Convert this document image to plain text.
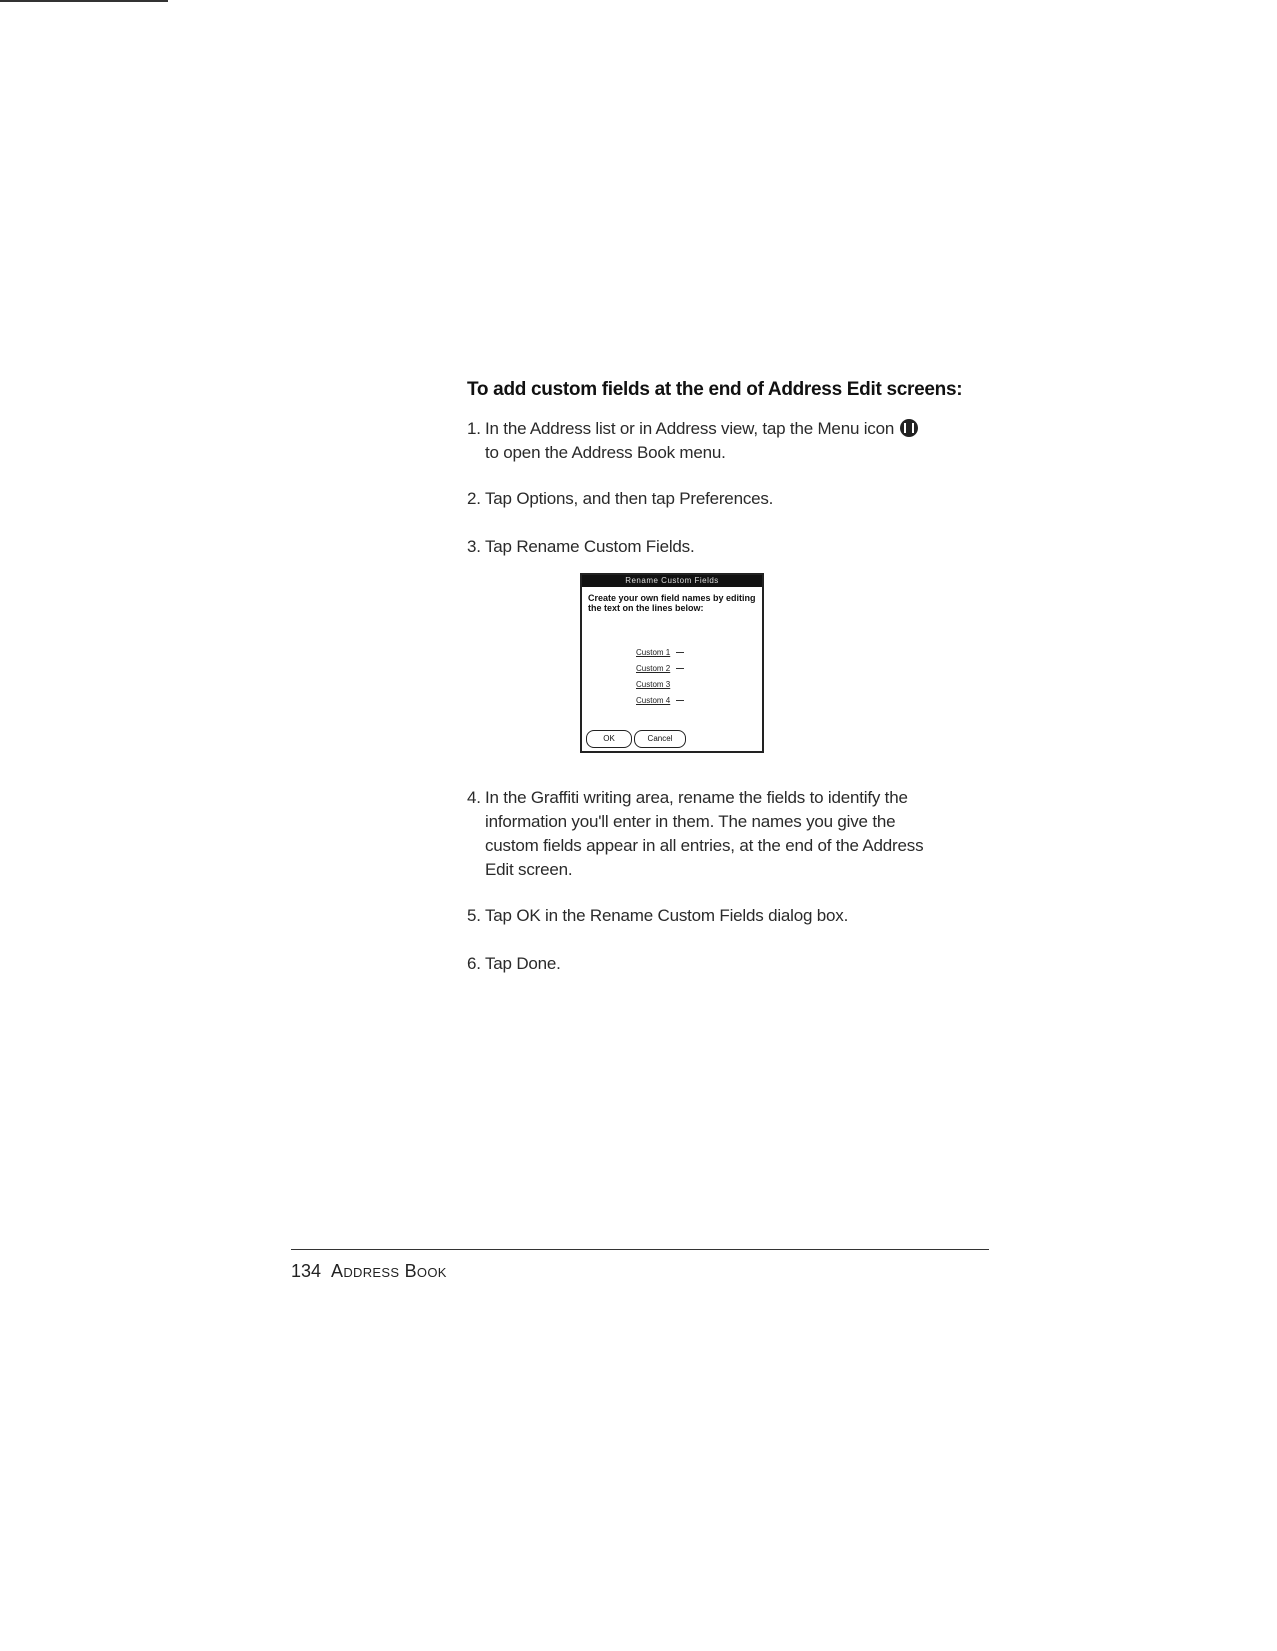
To add custom fields at the end of Address Edit screens:
1. In the Address list or in Address view, tap the Menu icon
to open the Address Book menu.
2. Tap Options, and then tap Preferences.
3. Tap Rename Custom Fields.
Rename Custom Fields
Create your own field names by editing the text on the lines below:
Custom 1
Custom 2
Custom 3
Custom 4
OK	Cancel
4. In the Graffiti writing area, rename the fields to identify the
information you'll enter in them. The names you give the
custom fields appear in all entries, at the end of the Address
Edit screen.
5. Tap OK in the Rename Custom Fields dialog box.
6. Tap Done.
134 Address Book
